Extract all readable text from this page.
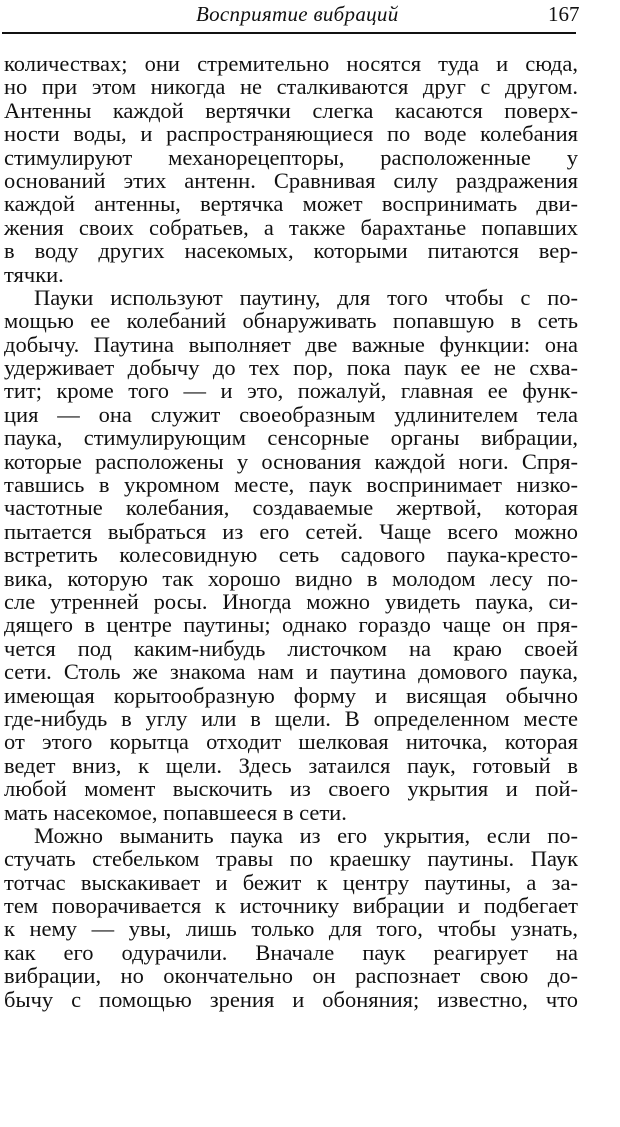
Восприятие вибраций	167
количествах; они стремительно носятся туда и сюда,
но при этом никогда не сталкиваются друг с другом.
Антенны каждой вертячки слегка касаются поверх-
ности воды, и распространяющиеся по воде колебания
стимулируют механорецепторы, расположенные у
оснований этих антенн. Сравнивая силу раздражения
каждой антенны, вертячка может воспринимать дви-
жения своих собратьев, а также барахтанье попавших
в воду других насекомых, которыми питаются вер-
тячки.
Пауки используют паутину, для того чтобы с по-
мощью ее колебаний обнаруживать попавшую в сеть
добычу. Паутина выполняет две важные функции: она
удерживает добычу до тех пор, пока паук ее не схва-
тит; кроме того — и это, пожалуй, главная ее функ-
ция — она служит своеобразным удлинителем тела
паука, стимулирующим сенсорные органы вибрации,
которые расположены у основания каждой ноги. Спря-
тавшись в укромном месте, паук воспринимает низко-
частотные колебания, создаваемые жертвой, которая
пытается выбраться из его сетей. Чаще всего можно
встретить колесовидную сеть садового паука-кресто-
вика, которую так хорошо видно в молодом лесу по-
сле утренней росы. Иногда можно увидеть паука, си-
дящего в центре паутины; однако гораздо чаще он пря-
чется под каким-нибудь листочком на краю своей
сети. Столь же знакома нам и паутина домового паука,
имеющая корытообразную форму и висящая обычно
где-нибудь в углу или в щели. В определенном месте
от этого корытца отходит шелковая ниточка, которая
ведет вниз, к щели. Здесь затаился паук, готовый в
любой момент выскочить из своего укрытия и пой-
мать насекомое, попавшееся в сети.
Можно выманить паука из его укрытия, если по-
стучать стебельком травы по краешку паутины. Паук
тотчас выскакивает и бежит к центру паутины, а за-
тем поворачивается к источнику вибрации и подбегает
к нему — увы, лишь только для того, чтобы узнать,
как его одурачили. Вначале паук реагирует на
вибрации, но окончательно он распознает свою до-
бычу с помощью зрения и обоняния; известно, что
